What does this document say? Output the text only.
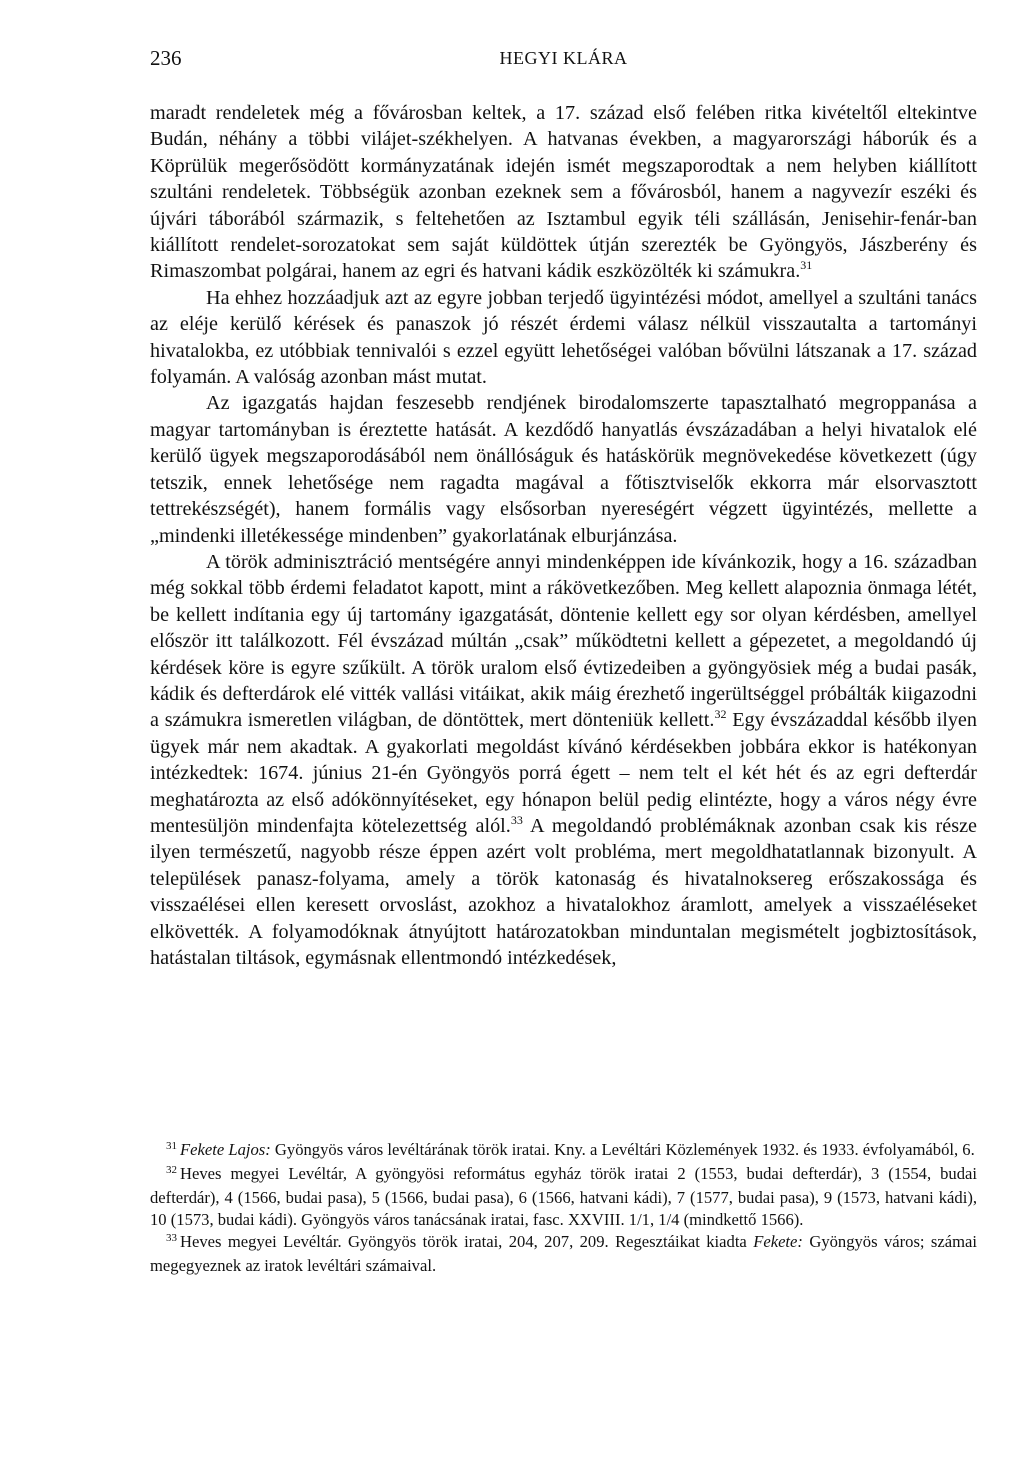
236	HEGYI KLÁRA

maradt rendeletek még a fővárosban keltek, a 17. század első felében ritka kivételtől eltekintve Budán, néhány a többi vilájet-székhelyen. A hatvanas években, a magyarországi háborúk és a Köprülük megerősödött kormányzatának idején ismét megszaporodtak a nem helyben kiállított szultáni rendeletek. Többségük azonban ezeknek sem a fővárosból, hanem a nagyvezír eszéki és újvári táborából származik, s feltehetően az Isztambul egyik téli szállásán, Jenisehir-fenár-ban kiállított rendelet-sorozatokat sem saját küldöttek útján szerezték be Gyöngyös, Jászberény és Rimaszombat polgárai, hanem az egri és hatvani kádik eszközölték ki számukra.$^{31}$

Ha ehhez hozzáadjuk azt az egyre jobban terjedő ügyintézési módot, amellyel a szultáni tanács az eléje kerülő kérések és panaszok jó részét érdemi válasz nélkül visszautalta a tartományi hivatalokba, ez utóbbiak tennivalói s ezzel együtt lehetőségei valóban bővülni látszanak a 17. század folyamán. A valóság azonban mást mutat.

Az igazgatás hajdan feszesebb rendjének birodalomszerte tapasztalható megroppanása a magyar tartományban is éreztette hatását. A kezdődő hanyatlás évszázadában a helyi hivatalok elé kerülő ügyek megszaporodásából nem önállóságuk és hatáskörük megnövekedése következett (úgy tetszik, ennek lehetősége nem ragadta magával a főtisztviselők ekkorra már elsorvasztott tettrekészségét), hanem formális vagy elsősorban nyereségért végzett ügyintézés, mellette a „mindenki illetékessége mindenben” gyakorlatának elburjánzása.

A török adminisztráció mentségére annyi mindenképpen ide kívánkozik, hogy a 16. században még sokkal több érdemi feladatot kapott, mint a rákövetkezőben. Meg kellett alapoznia önmaga létét, be kellett indítania egy új tartomány igazgatását, döntenie kellett egy sor olyan kérdésben, amellyel először itt találkozott. Fél évszázad múltán „csak” működtetni kellett a gépezetet, a megoldandó új kérdések köre is egyre szűkült. A török uralom első évtizedeiben a gyöngyösiek még a budai pasák, kádik és defterdárok elé vitték vallási vitáikat, akik máig érezhető ingerültséggel próbálták kiigazodni a számukra ismeretlen világban, de döntöttek, mert dönteniük kellett.$^{32}$ Egy évszázaddal később ilyen ügyek már nem akadtak. A gyakorlati megoldást kívánó kérdésekben jobbára ekkor is hatékonyan intézkedtek: 1674. június 21-én Gyöngyös porrá égett – nem telt el két hét és az egri defterdár meghatározta az első adókönnyítéseket, egy hónapon belül pedig elintézte, hogy a város négy évre mentesüljön mindenfajta kötelezettség alól.$^{33}$ A megoldandó problémáknak azonban csak kis része ilyen természetű, nagyobb része éppen azért volt probléma, mert megoldhatatlannak bizonyult. A települések panasz-folyama, amely a török katonaság és hivatalnoksereg erőszakossága és visszaélései ellen keresett orvoslást, azokhoz a hivatalokhoz áramlott, amelyek a visszaéléseket elkövették. A folyamodóknak átnyújtott határozatokban minduntalan megismételt jogbiztosítások, hatástalan tiltások, egymásnak ellentmondó intézkedések,

$^{31}$ Fekete Lajos: Gyöngyös város levéltárának török iratai. Kny. a Levéltári Közlemények 1932. és 1933. évfolyamából, 6.

$^{32}$ Heves megyei Levéltár, A gyöngyösi református egyház török iratai 2 (1553, budai defterdár), 3 (1554, budai defterdár), 4 (1566, budai pasa), 5 (1566, budai pasa), 6 (1566, hatvani kádi), 7 (1577, budai pasa), 9 (1573, hatvani kádi), 10 (1573, budai kádi). Gyöngyös város tanácsának iratai, fasc. XXVIII. 1/1, 1/4 (mindkettő 1566).

$^{33}$ Heves megyei Levéltár. Gyöngyös török iratai, 204, 207, 209. Regesztáikat kiadta Fekete: Gyöngyös város; számai megegyeznek az iratok levéltári számaival.
